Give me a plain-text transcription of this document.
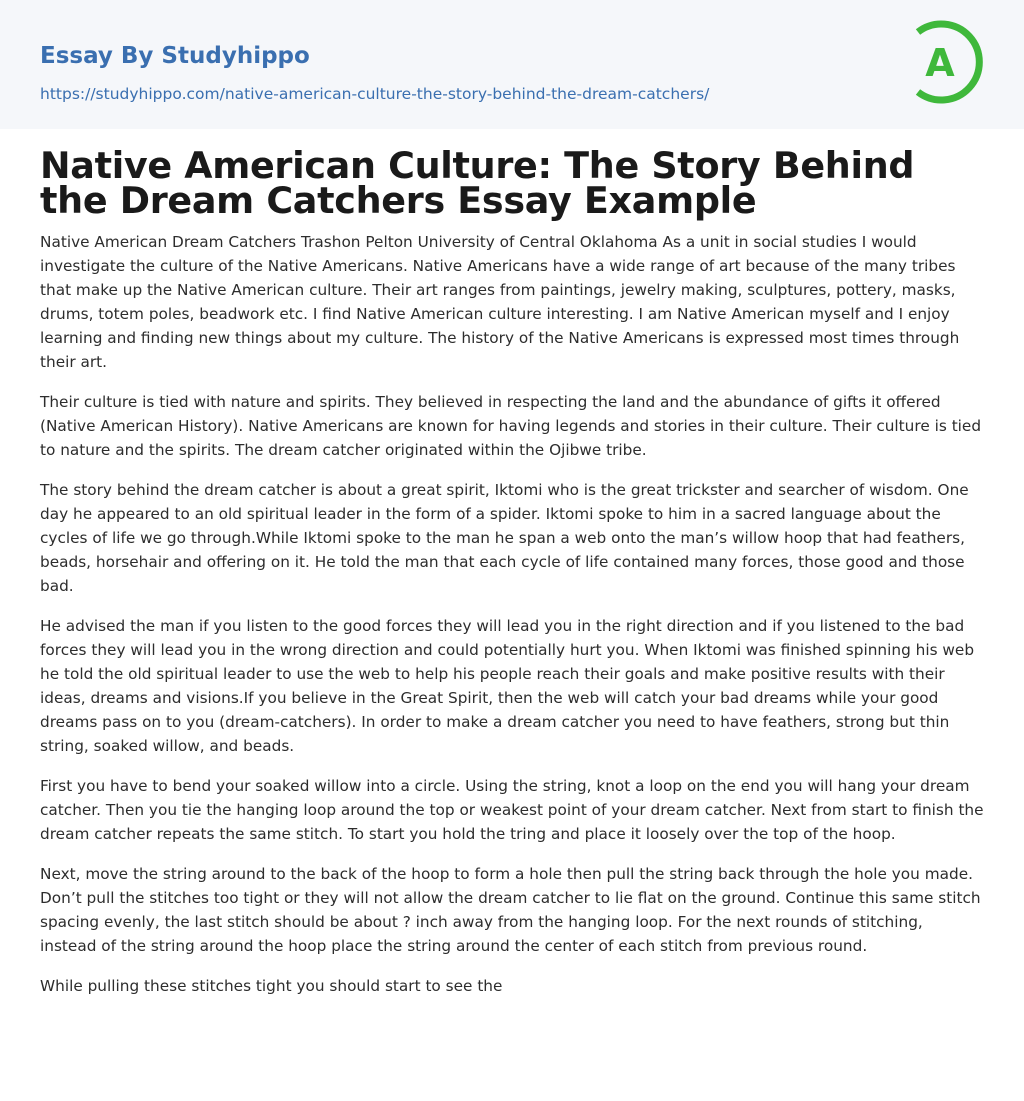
Essay By Studyhippo
https://studyhippo.com/native-american-culture-the-story-behind-the-dream-catchers/
A
Native American Culture: The Story Behind the Dream Catchers Essay Example

Native American Dream Catchers Trashon Pelton University of Central Oklahoma As a unit in social studies I would investigate the culture of the Native Americans. Native Americans have a wide range of art because of the many tribes that make up the Native American culture. Their art ranges from paintings, jewelry making, sculptures, pottery, masks, drums, totem poles, beadwork etc. I find Native American culture interesting. I am Native American myself and I enjoy learning and finding new things about my culture. The history of the Native Americans is expressed most times through their art.

Their culture is tied with nature and spirits. They believed in respecting the land and the abundance of gifts it offered (Native American History). Native Americans are known for having legends and stories in their culture. Their culture is tied to nature and the spirits. The dream catcher originated within the Ojibwe tribe.

The story behind the dream catcher is about a great spirit, Iktomi who is the great trickster and searcher of wisdom. One day he appeared to an old spiritual leader in the form of a spider. Iktomi spoke to him in a sacred language about the cycles of life we go through.While Iktomi spoke to the man he span a web onto the man’s willow hoop that had feathers, beads, horsehair and offering on it. He told the man that each cycle of life contained many forces, those good and those bad.

He advised the man if you listen to the good forces they will lead you in the right direction and if you listened to the bad forces they will lead you in the wrong direction and could potentially hurt you. When Iktomi was finished spinning his web he told the old spiritual leader to use the web to help his people reach their goals and make positive results with their ideas, dreams and visions.If you believe in the Great Spirit, then the web will catch your bad dreams while your good dreams pass on to you (dream-catchers). In order to make a dream catcher you need to have feathers, strong but thin string, soaked willow, and beads.

First you have to bend your soaked willow into a circle. Using the string, knot a loop on the end you will hang your dream catcher. Then you tie the hanging loop around the top or weakest point of your dream catcher. Next from start to finish the dream catcher repeats the same stitch. To start you hold the tring and place it loosely over the top of the hoop.

Next, move the string around to the back of the hoop to form a hole then pull the string back through the hole you made. Don’t pull the stitches too tight or they will not allow the dream catcher to lie flat on the ground. Continue this same stitch spacing evenly, the last stitch should be about ? inch away from the hanging loop. For the next rounds of stitching, instead of the string around the hoop place the string around the center of each stitch from previous round.

While pulling these stitches tight you should start to see the
